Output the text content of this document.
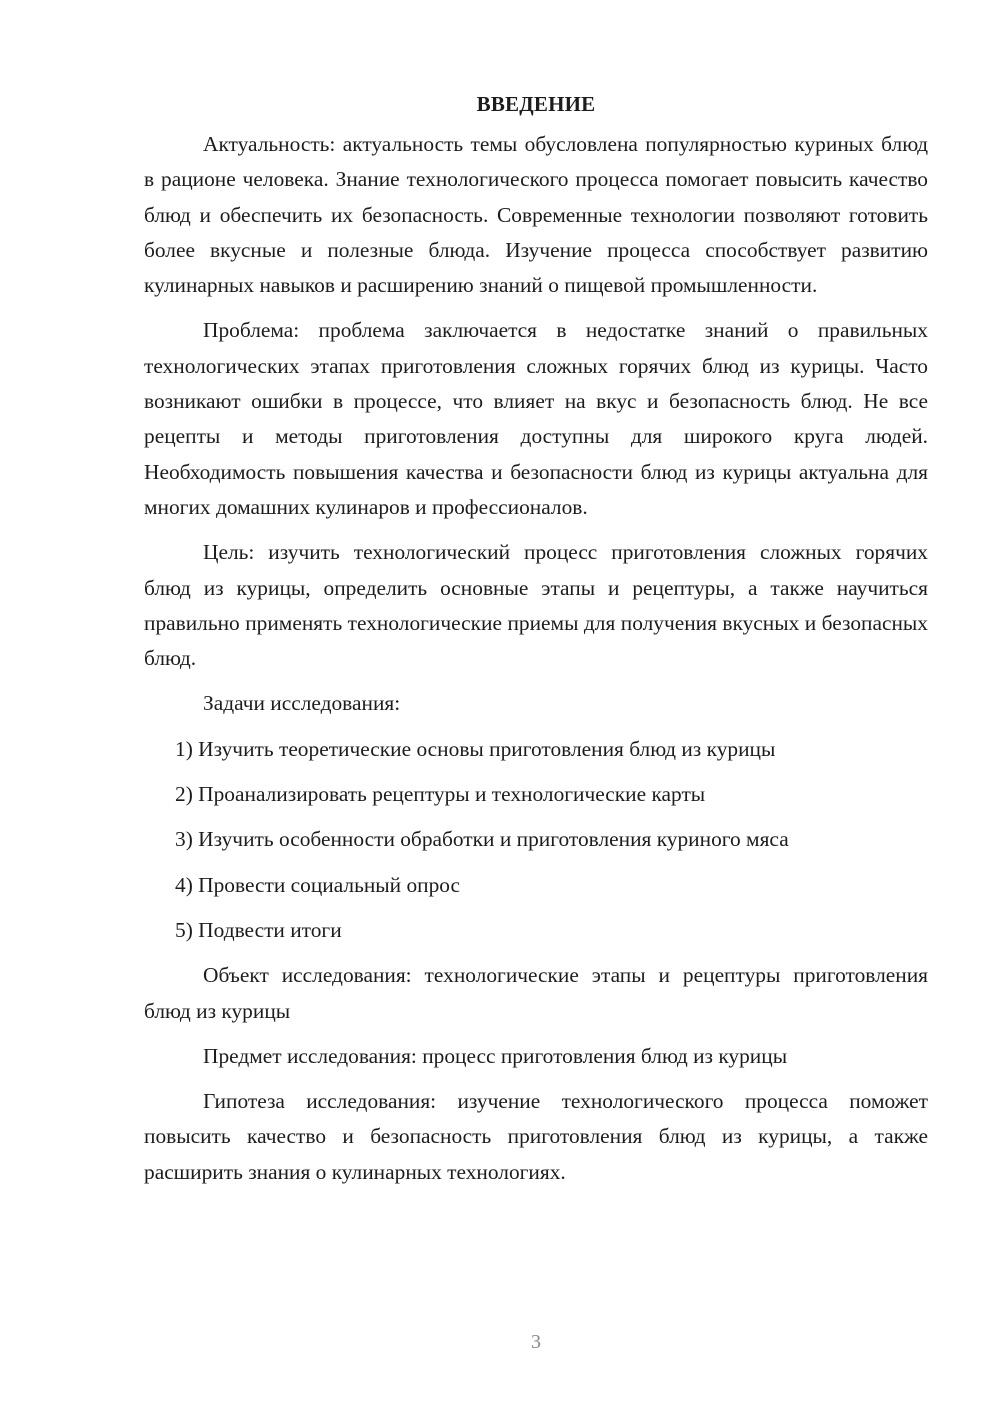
ВВЕДЕНИЕ

Актуальность: актуальность темы обусловлена популярностью куриных блюд в рационе человека. Знание технологического процесса помогает повысить качество блюд и обеспечить их безопасность. Современные технологии позволяют готовить более вкусные и полезные блюда. Изучение процесса способствует развитию кулинарных навыков и расширению знаний о пищевой промышленности.

Проблема: проблема заключается в недостатке знаний о правильных технологических этапах приготовления сложных горячих блюд из курицы. Часто возникают ошибки в процессе, что влияет на вкус и безопасность блюд. Не все рецепты и методы приготовления доступны для широкого круга людей. Необходимость повышения качества и безопасности блюд из курицы актуальна для многих домашних кулинаров и профессионалов.

Цель: изучить технологический процесс приготовления сложных горячих блюд из курицы, определить основные этапы и рецептуры, а также научиться правильно применять технологические приемы для получения вкусных и безопасных блюд.

Задачи исследования:

1) Изучить теоретические основы приготовления блюд из курицы
2) Проанализировать рецептуры и технологические карты
3) Изучить особенности обработки и приготовления куриного мяса
4) Провести социальный опрос
5) Подвести итоги

Объект исследования: технологические этапы и рецептуры приготовления блюд из курицы

Предмет исследования: процесс приготовления блюд из курицы

Гипотеза исследования: изучение технологического процесса поможет повысить качество и безопасность приготовления блюд из курицы, а также расширить знания о кулинарных технологиях.

3
